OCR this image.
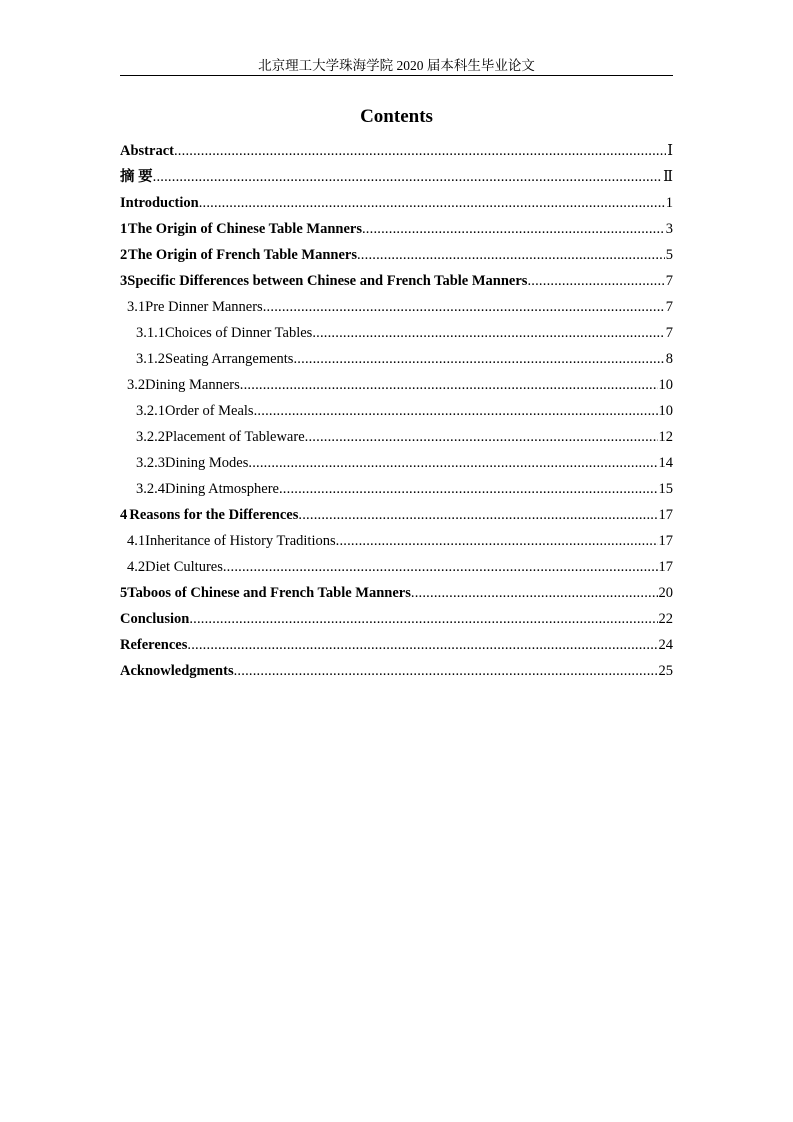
北京理工大学珠海学院 2020 届本科生毕业论文
Contents
Abstract .....	Ⅰ
摘 要 .....	Ⅱ
Introduction .....	1
1 The Origin of Chinese Table Manners .....	3
2 The Origin of French Table Manners .....	5
3 Specific Differences between Chinese and French Table Manners .....	7
3.1 Pre Dinner Manners .....	7
3.1.1 Choices of Dinner Tables .....	7
3.1.2 Seating Arrangements .....	8
3.2 Dining Manners .....	10
3.2.1 Order of Meals .....	10
3.2.2 Placement of Tableware .....	12
3.2.3 Dining Modes .....	14
3.2.4 Dining Atmosphere .....	15
4 Reasons for the Differences .....	17
4.1 Inheritance of History Traditions .....	17
4.2 Diet Cultures .....	17
5 Taboos of Chinese and French Table Manners .....	20
Conclusion .....	22
References .....	24
Acknowledgments .....	25
